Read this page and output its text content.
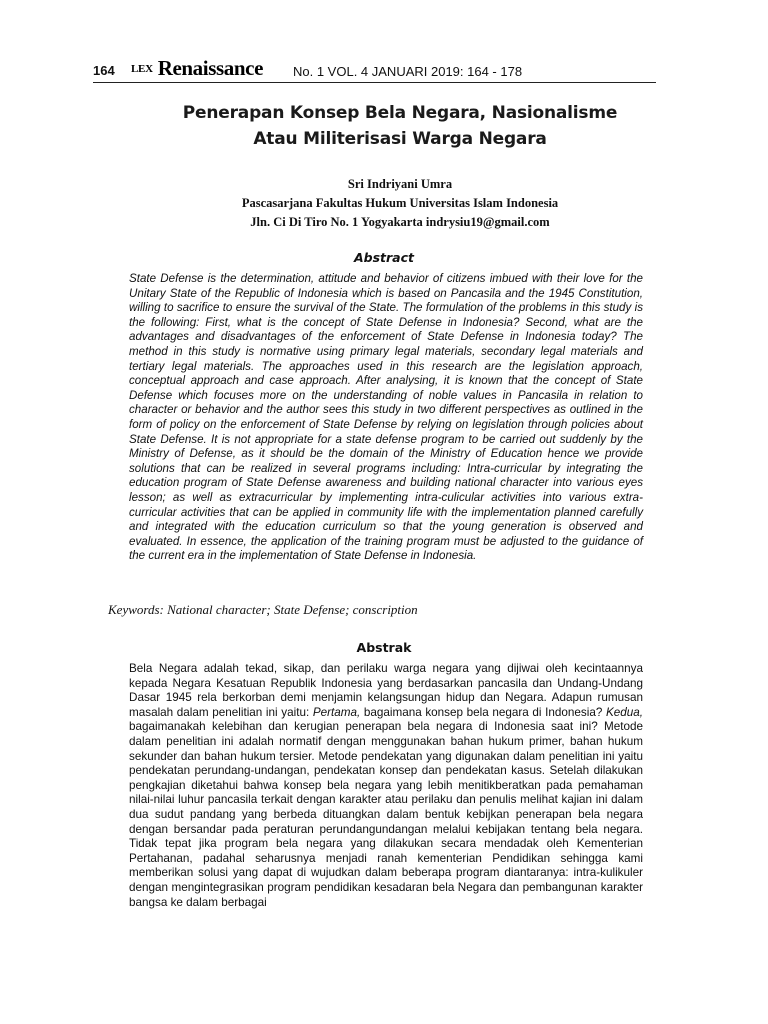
164 LEX Renaissance No. 1 VOL. 4 JANUARI 2019: 164 - 178
Penerapan Konsep Bela Negara, Nasionalisme
Atau Militerisasi Warga Negara
Sri Indriyani Umra
Pascasarjana Fakultas Hukum Universitas Islam Indonesia
Jln. Ci Di Tiro No. 1 Yogyakarta indrysiu19@gmail.com
Abstract
State Defense is the determination, attitude and behavior of citizens imbued with their love for the Unitary State of the Republic of Indonesia which is based on Pancasila and the 1945 Constitution, willing to sacrifice to ensure the survival of the State. The formulation of the problems in this study is the following: First, what is the concept of State Defense in Indonesia? Second, what are the advantages and disadvantages of the enforcement of State Defense in Indonesia today? The method in this study is normative using primary legal materials, secondary legal materials and tertiary legal materials. The approaches used in this research are the legislation approach, conceptual approach and case approach. After analysing, it is known that the concept of State Defense which focuses more on the understanding of noble values in Pancasila in relation to character or behavior and the author sees this study in two different perspectives as outlined in the form of policy on the enforcement of State Defense by relying on legislation through policies about State Defense. It is not appropriate for a state defense program to be carried out suddenly by the Ministry of Defense, as it should be the domain of the Ministry of Education hence we provide solutions that can be realized in several programs including: Intra-curricular by integrating the education program of State Defense awareness and building national character into various eyes lesson; as well as extracurricular by implementing intra-culicular activities into various extra-curricular activities that can be applied in community life with the implementation planned carefully and integrated with the education curriculum so that the young generation is observed and evaluated. In essence, the application of the training program must be adjusted to the guidance of the current era in the implementation of State Defense in Indonesia.
Keywords: National character; State Defense; conscription
Abstrak
Bela Negara adalah tekad, sikap, dan perilaku warga negara yang dijiwai oleh kecintaannya kepada Negara Kesatuan Republik Indonesia yang berdasarkan pancasila dan Undang-Undang Dasar 1945 rela berkorban demi menjamin kelangsungan hidup dan Negara. Adapun rumusan masalah dalam penelitian ini yaitu: Pertama, bagaimana konsep bela negara di Indonesia? Kedua, bagaimanakah kelebihan dan kerugian penerapan bela negara di Indonesia saat ini? Metode dalam penelitian ini adalah normatif dengan menggunakan bahan hukum primer, bahan hukum sekunder dan bahan hukum tersier. Metode pendekatan yang digunakan dalam penelitian ini yaitu pendekatan perundang-undangan, pendekatan konsep dan pendekatan kasus. Setelah dilakukan pengkajian diketahui bahwa konsep bela negara yang lebih menitikberatkan pada pemahaman nilai-nilai luhur pancasila terkait dengan karakter atau perilaku dan penulis melihat kajian ini dalam dua sudut pandang yang berbeda dituangkan dalam bentuk kebijkan penerapan bela negara dengan bersandar pada peraturan perundangundangan melalui kebijakan tentang bela negara. Tidak tepat jika program bela negara yang dilakukan secara mendadak oleh Kementerian Pertahanan, padahal seharusnya menjadi ranah kementerian Pendidikan sehingga kami memberikan solusi yang dapat di wujudkan dalam beberapa program diantaranya: intra-kulikuler dengan mengintegrasikan program pendidikan kesadaran bela Negara dan pembangunan karakter bangsa ke dalam berbagai
